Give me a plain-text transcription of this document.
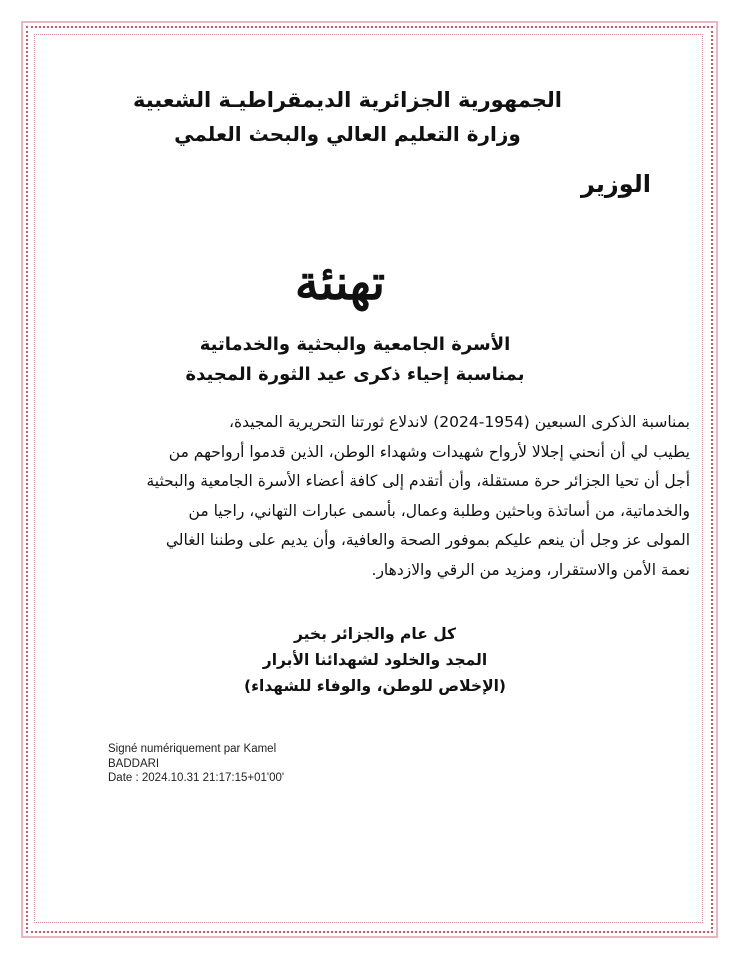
الجمهورية الجزائرية الديمقراطيـة الشعبية
وزارة التعليم العالي والبحث العلمي
الوزير
تهنئة
الأسرة الجامعية والبحثية والخدماتية
بمناسبة إحياء ذكرى عيد الثورة المجيدة
بمناسبة الذكرى السبعين (1954-2024) لاندلاع ثورتنا التحريرية المجيدة،
يطيب لي أن أنحني إجلالا لأرواح شهيدات وشهداء الوطن، الذين قدموا أرواحهم من
أجل أن تحيا الجزائر حرة مستقلة، وأن أتقدم إلى كافة أعضاء الأسرة الجامعية والبحثية
والخدماتية، من أساتذة وباحثين وطلبة وعمال، بأسمى عبارات التهاني، راجيا من
المولى عز وجل أن ينعم عليكم بموفور الصحة والعافية، وأن يديم على وطننا الغالي
نعمة الأمن والاستقرار، ومزيد من الرقي والازدهار.
كل عام والجزائر بخير
المجد والخلود لشهدائنا الأبرار
(الإخلاص للوطن، والوفاء للشهداء)
Signé numériquement par Kamel
BADDARI
Date : 2024.10.31 21:17:15+01'00'
